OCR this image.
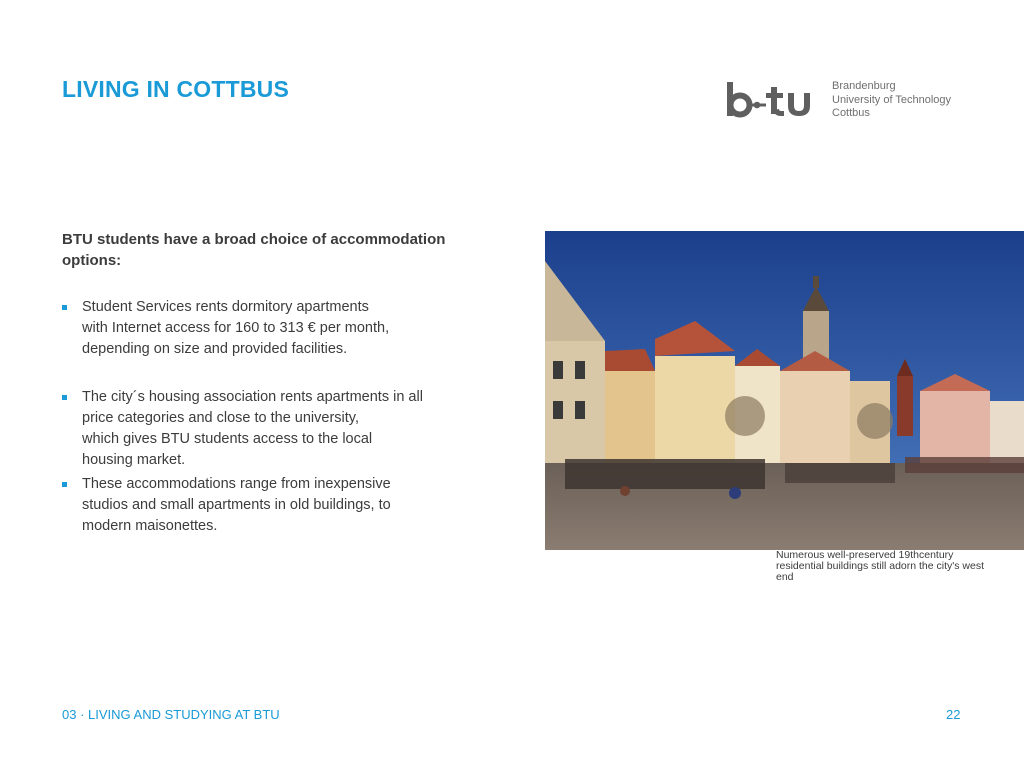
LIVING IN COTTBUS	Brandenburg
University of Technology
Cottbus
BTU students have a broad choice of accommodation
options:
Student Services rents dormitory apartments
with Internet access for 160 to 313 € per month,
depending on size and provided facilities.
The city´s housing association rents apartments in all
price categories and close to the university,
which gives BTU students access to the local
housing market.
These accommodations range from inexpensive
studios and small apartments in old buildings, to
modern maisonettes.
Numerous well-preserved 19thcentury
residential buildings still adorn the city's west
end
03 · LIVING AND STUDYING AT BTU	22
